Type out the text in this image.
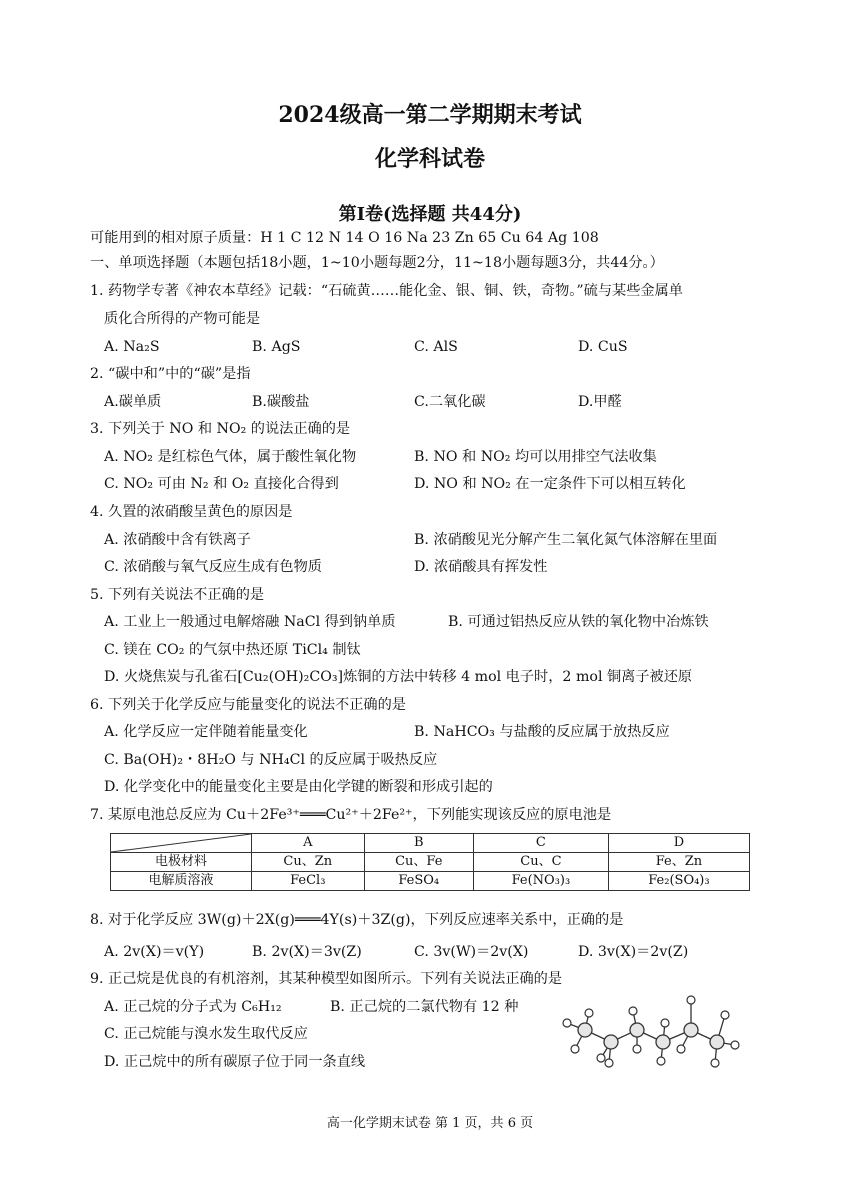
2024级高一第二学期期末考试
化学科试卷
第Ⅰ卷(选择题 共44分)
可能用到的相对原子质量：H 1 C 12 N 14 O 16 Na 23 Zn 65 Cu 64 Ag 108
一、单项选择题（本题包括18小题，1~10小题每题2分，11~18小题每题3分，共44分。）
1. 药物学专著《神农本草经》记载：“石硫黄……能化金、银、铜、铁，奇物。”硫与某些金属单
质化合所得的产物可能是
A. Na₂S	B. AgS	C. AlS	D. CuS
2. “碳中和”中的“碳”是指
A.碳单质	B.碳酸盐	C.二氧化碳	D.甲醛
3. 下列关于 NO 和 NO₂ 的说法正确的是
A. NO₂ 是红棕色气体，属于酸性氧化物	B. NO 和 NO₂ 均可以用排空气法收集
C. NO₂ 可由 N₂ 和 O₂ 直接化合得到	D. NO 和 NO₂ 在一定条件下可以相互转化
4. 久置的浓硝酸呈黄色的原因是
A. 浓硝酸中含有铁离子	B. 浓硝酸见光分解产生二氧化氮气体溶解在里面
C. 浓硝酸与氧气反应生成有色物质	D. 浓硝酸具有挥发性
5. 下列有关说法不正确的是
A. 工业上一般通过电解熔融 NaCl 得到钠单质	B. 可通过铝热反应从铁的氧化物中冶炼铁
C. 镁在 CO₂ 的气氛中热还原 TiCl₄ 制钛
D. 火烧焦炭与孔雀石[Cu₂(OH)₂CO₃]炼铜的方法中转移 4 mol 电子时，2 mol 铜离子被还原
6. 下列关于化学反应与能量变化的说法不正确的是
A. 化学反应一定伴随着能量变化	B. NaHCO₃ 与盐酸的反应属于放热反应
C. Ba(OH)₂・8H₂O 与 NH₄Cl 的反应属于吸热反应
D. 化学变化中的能量变化主要是由化学键的断裂和形成引起的
7. 某原电池总反应为 Cu＋2Fe³⁺═══Cu²⁺＋2Fe²⁺，下列能实现该反应的原电池是
	A	B	C	D
电极材料	Cu、Zn	Cu、Fe	Cu、C	Fe、Zn
电解质溶液	FeCl₃	FeSO₄	Fe(NO₃)₃	Fe₂(SO₄)₃
8. 对于化学反应 3W(g)＋2X(g)═══4Y(s)＋3Z(g)，下列反应速率关系中，正确的是
A. 2v(X)＝v(Y)	B. 2v(X)＝3v(Z)	C. 3v(W)＝2v(X)	D. 3v(X)＝2v(Z)
9. 正己烷是优良的有机溶剂，其某种模型如图所示。下列有关说法正确的是
A. 正己烷的分子式为 C₆H₁₂	B. 正己烷的二氯代物有 12 种
C. 正己烷能与溴水发生取代反应
D. 正己烷中的所有碳原子位于同一条直线
高一化学期末试卷 第 1 页，共 6 页
